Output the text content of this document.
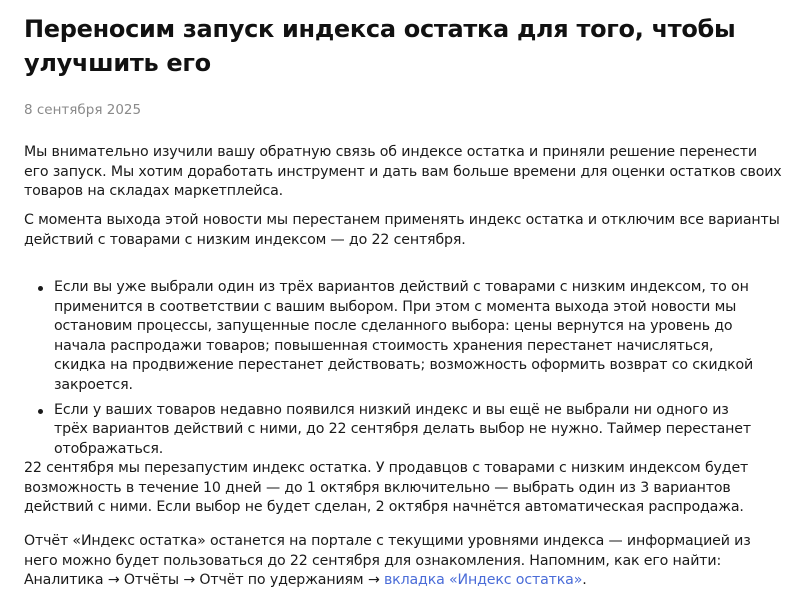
Переносим запуск индекса остатка для того, чтобы улучшить его

8 сентября 2025

Мы внимательно изучили вашу обратную связь об индексе остатка и приняли решение перенести его запуск. Мы хотим доработать инструмент и дать вам больше времени для оценки остатков своих товаров на складах маркетплейса.

С момента выхода этой новости мы перестанем применять индекс остатка и отключим все варианты действий с товарами с низким индексом — до 22 сентября.

Если вы уже выбрали один из трёх вариантов действий с товарами с низким индексом, то он применится в соответствии с вашим выбором. При этом с момента выхода этой новости мы остановим процессы, запущенные после сделанного выбора: цены вернутся на уровень до начала распродажи товаров; повышенная стоимость хранения перестанет начисляться, скидка на продвижение перестанет действовать; возможность оформить возврат со скидкой закроется.
Если у ваших товаров недавно появился низкий индекс и вы ещё не выбрали ни одного из трёх вариантов действий с ними, до 22 сентября делать выбор не нужно. Таймер перестанет отображаться.

22 сентября мы перезапустим индекс остатка. У продавцов с товарами с низким индексом будет возможность в течение 10 дней — до 1 октября включительно — выбрать один из 3 вариантов действий с ними. Если выбор не будет сделан, 2 октября начнётся автоматическая распродажа.

Отчёт «Индекс остатка» останется на портале с текущими уровнями индекса — информацией из него можно будет пользоваться до 22 сентября для ознакомления. Напомним, как его найти: Аналитика → Отчёты → Отчёт по удержаниям → вкладка «Индекс остатка».
